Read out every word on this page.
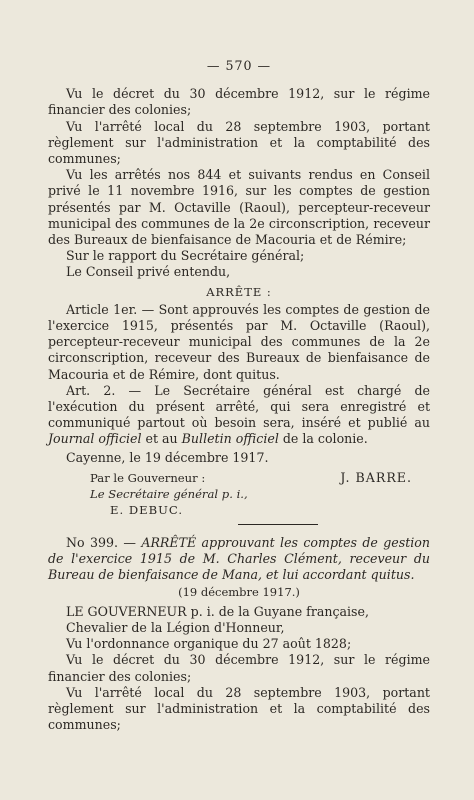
— 570 —

Vu le décret du 30 décembre 1912, sur le régime financier des colonies;

Vu l'arrêté local du 28 septembre 1903, portant règlement sur l'administration et la comptabilité des communes;

Vu les arrêtés nos 844 et suivants rendus en Conseil privé le 11 novembre 1916, sur les comptes de gestion présentés par M. Octaville (Raoul), percepteur-receveur municipal des communes de la 2e circonscription, receveur des Bureaux de bienfaisance de Macouria et de Rémire;

Sur le rapport du Secrétaire général;

Le Conseil privé entendu,

ARRÊTE :

Article 1er. — Sont approuvés les comptes de gestion de l'exercice 1915, présentés par M. Octaville (Raoul), percepteur-receveur municipal des communes de la 2e circonscription, receveur des Bureaux de bienfaisance de Macouria et de Rémire, dont quitus.

Art. 2. — Le Secrétaire général est chargé de l'exécution du présent arrêté, qui sera enregistré et communiqué partout où besoin sera, inséré et publié au Journal officiel et au Bulletin officiel de la colonie.

Cayenne, le 19 décembre 1917.

Par le Gouverneur :
Le Secrétaire général p. i.,
E. DEBUC.
J. BARRE.

No 399. — ARRÊTÉ approuvant les comptes de gestion de l'exercice 1915 de M. Charles Clément, receveur du Bureau de bienfaisance de Mana, et lui accordant quitus.

(19 décembre 1917.)

LE GOUVERNEUR p. i. de la Guyane française,

Chevalier de la Légion d'Honneur,

Vu l'ordonnance organique du 27 août 1828;

Vu le décret du 30 décembre 1912, sur le régime financier des colonies;

Vu l'arrêté local du 28 septembre 1903, portant règlement sur l'administration et la comptabilité des communes;
